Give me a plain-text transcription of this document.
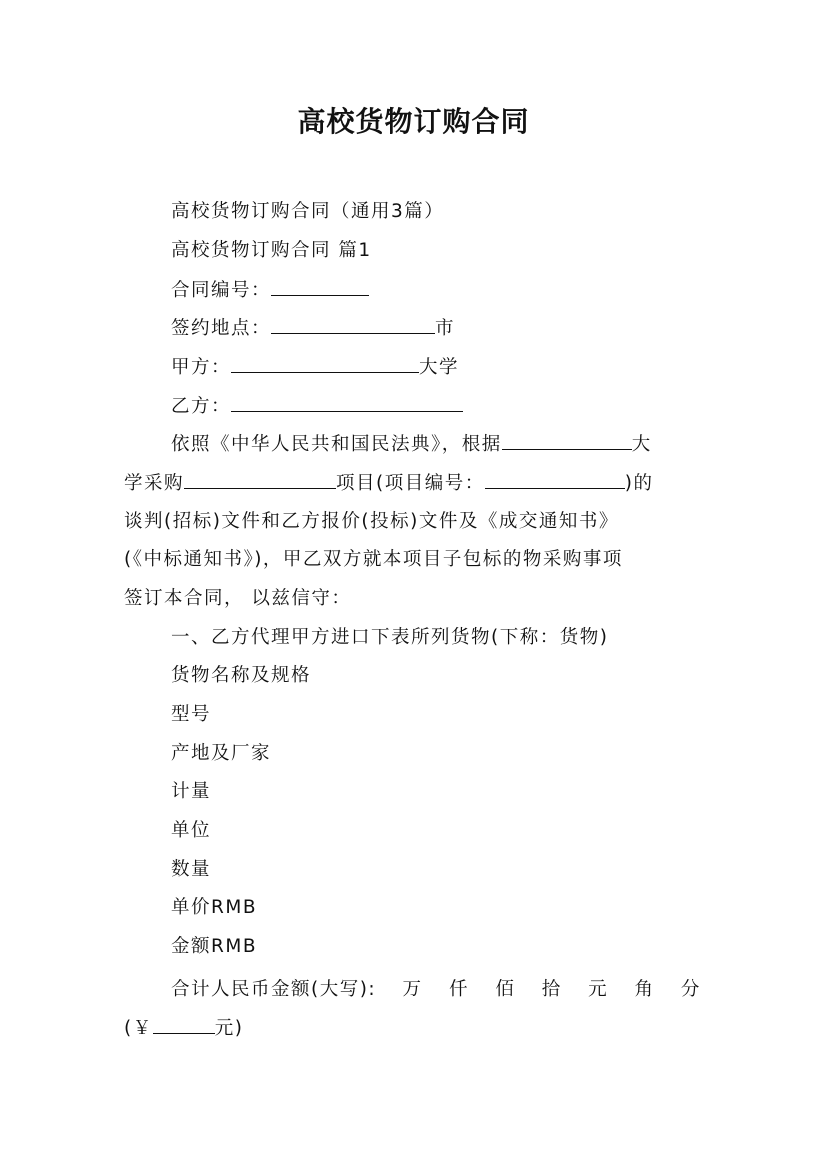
高校货物订购合同
高校货物订购合同（通用3篇）
高校货物订购合同 篇1
合同编号：
签约地点：	市
甲方：	大学
乙方：
依照《中华人民共和国民法典》，根据	大
学采购	项目(项目编号：	)的
谈判(招标)文件和乙方报价(投标)文件及《成交通知书》
(《中标通知书》)，甲乙双方就本项目子包标的物采购事项
签订本合同， 以兹信守：
一、乙方代理甲方进口下表所列货物(下称：货物)
货物名称及规格
型号
产地及厂家
计量
单位
数量
单价RMB
金额RMB
合计人民币金额(大写): 万 仟 佰 拾 元 角 分
(￥	元)
